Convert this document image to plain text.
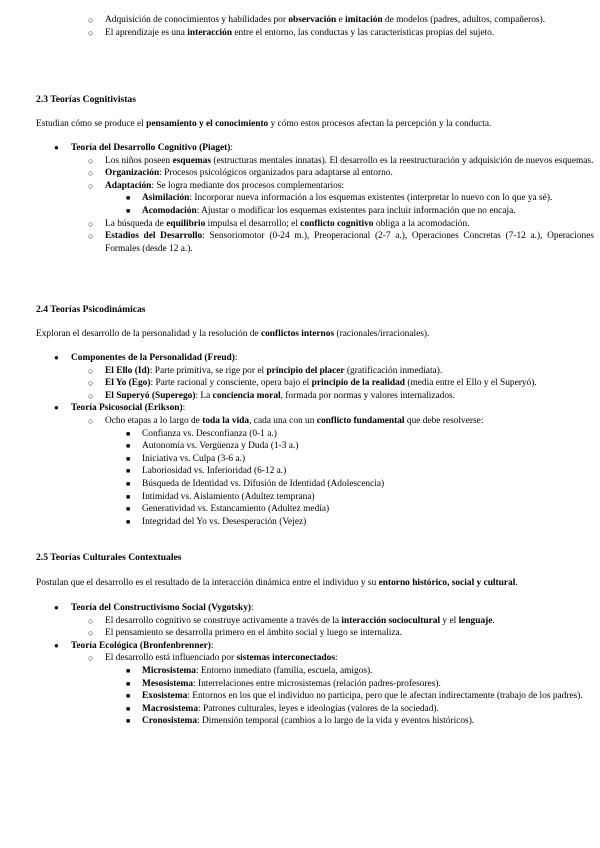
○ Adquisición de conocimientos y habilidades por observación e imitación de modelos (padres, adultos, compañeros).
○ El aprendizaje es una interacción entre el entorno, las conductas y las características propias del sujeto.
2.3 Teorías Cognitivistas
Estudian cómo se produce el pensamiento y el conocimiento y cómo estos procesos afectan la percepción y la conducta.
● Teoría del Desarrollo Cognitivo (Piaget):
○ Los niños poseen esquemas (estructuras mentales innatas). El desarrollo es la reestructuración y adquisición de nuevos esquemas.
○ Organización: Procesos psicológicos organizados para adaptarse al entorno.
○ Adaptación: Se logra mediante dos procesos complementarios:
■ Asimilación: Incorporar nueva información a los esquemas existentes (interpretar lo nuevo con lo que ya sé).
■ Acomodación: Ajustar o modificar los esquemas existentes para incluir información que no encaja.
○ La búsqueda de equilibrio impulsa el desarrollo; el conflicto cognitivo obliga a la acomodación.
○ Estadios del Desarrollo: Sensoriomotor (0-24 m.), Preoperacional (2-7 a.), Operaciones Concretas (7-12 a.), Operaciones Formales (desde 12 a.).
2.4 Teorías Psicodinámicas
Exploran el desarrollo de la personalidad y la resolución de conflictos internos (racionales/irracionales).
● Componentes de la Personalidad (Freud):
○ El Ello (Id): Parte primitiva, se rige por el principio del placer (gratificación inmediata).
○ El Yo (Ego): Parte racional y consciente, opera bajo el principio de la realidad (media entre el Ello y el Superyó).
○ El Superyó (Superego): La conciencia moral, formada por normas y valores internalizados.
● Teoría Psicosocial (Erikson):
○ Ocho etapas a lo largo de toda la vida, cada una con un conflicto fundamental que debe resolverse:
■ Confianza vs. Desconfianza (0-1 a.)
■ Autonomía vs. Vergüenza y Duda (1-3 a.)
■ Iniciativa vs. Culpa (3-6 a.)
■ Laboriosidad vs. Inferioridad (6-12 a.)
■ Búsqueda de Identidad vs. Difusión de Identidad (Adolescencia)
■ Intimidad vs. Aislamiento (Adultez temprana)
■ Generatividad vs. Estancamiento (Adultez media)
■ Integridad del Yo vs. Desesperación (Vejez)
2.5 Teorías Culturales Contextuales
Postulan que el desarrollo es el resultado de la interacción dinámica entre el individuo y su entorno histórico, social y cultural.
● Teoría del Constructivismo Social (Vygotsky):
○ El desarrollo cognitivo se construye activamente a través de la interacción sociocultural y el lenguaje.
○ El pensamiento se desarrolla primero en el ámbito social y luego se internaliza.
● Teoría Ecológica (Bronfenbrenner):
○ El desarrollo está influenciado por sistemas interconectados:
■ Microsistema: Entorno inmediato (familia, escuela, amigos).
■ Mesosistema: Interrelaciones entre microsistemas (relación padres-profesores).
■ Exosistema: Entornos en los que el individuo no participa, pero que le afectan indirectamente (trabajo de los padres).
■ Macrosistema: Patrones culturales, leyes e ideologías (valores de la sociedad).
■ Cronosistema: Dimensión temporal (cambios a lo largo de la vida y eventos históricos).
